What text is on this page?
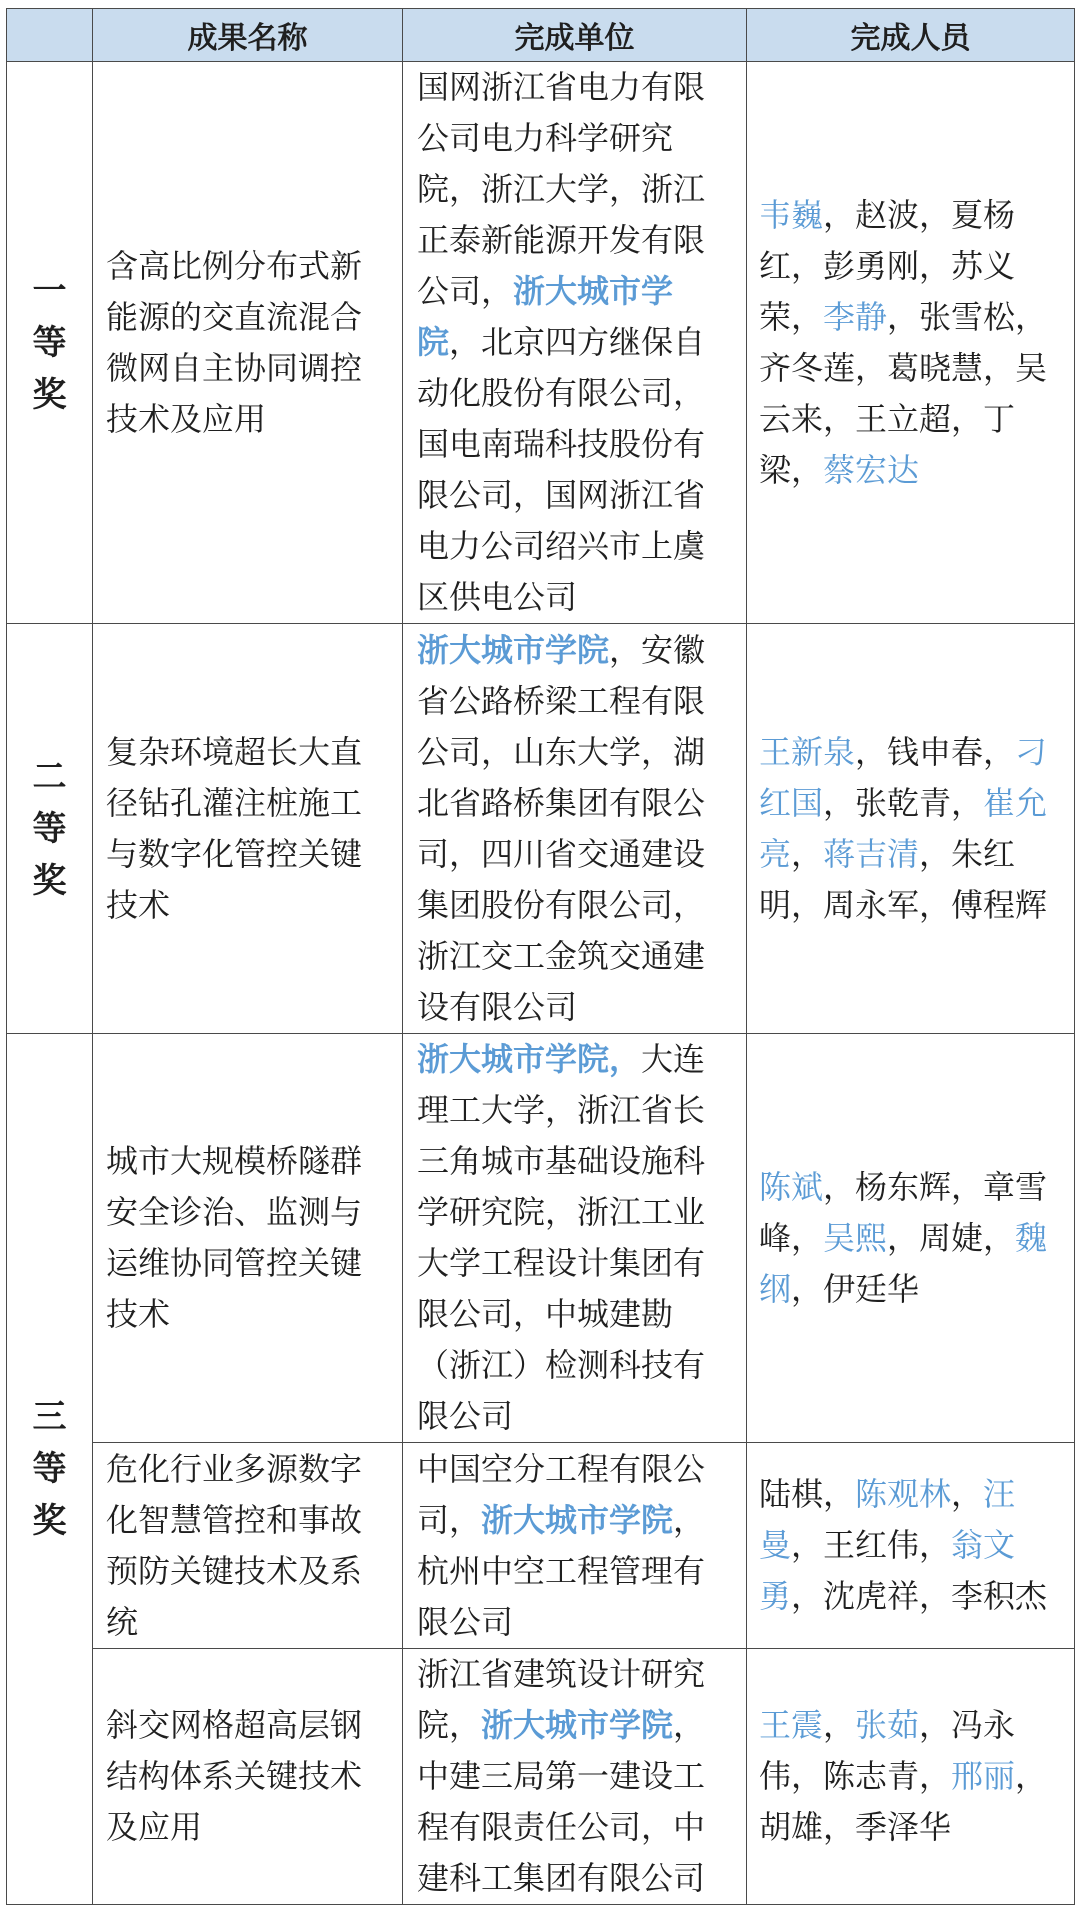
	成果名称	完成单位	完成人员

一
等
奖	含高比例分布式新能源的交直流混合微网自主协同调控技术及应用	国网浙江省电力有限公司电力科学研究院，浙江大学，浙江正泰新能源开发有限公司，浙大城市学院，北京四方继保自动化股份有限公司，国电南瑞科技股份有限公司，国网浙江省电力公司绍兴市上虞区供电公司	韦巍，赵波，夏杨红，彭勇刚，苏义荣，李静，张雪松，齐冬莲，葛晓慧，吴云来，王立超，丁梁，蔡宏达

二
等
奖	复杂环境超长大直径钻孔灌注桩施工与数字化管控关键技术	浙大城市学院，安徽省公路桥梁工程有限公司，山东大学，湖北省路桥集团有限公司，四川省交通建设集团股份有限公司，浙江交工金筑交通建设有限公司	王新泉，钱申春，刁红国，张乾青，崔允亮，蒋吉清，朱红明，周永军，傅程辉

三
等
奖	城市大规模桥隧群安全诊治、监测与运维协同管控关键技术	浙大城市学院，大连理工大学，浙江省长三角城市基础设施科学研究院，浙江工业大学工程设计集团有限公司，中城建勘（浙江）检测科技有限公司	陈斌，杨东辉，章雪峰，吴熙，周婕，魏纲，伊廷华
	危化行业多源数字化智慧管控和事故预防关键技术及系统	中国空分工程有限公司，浙大城市学院，杭州中空工程管理有限公司	陆棋，陈观林，汪曼，王红伟，翁文勇，沈虎祥，李积杰
	斜交网格超高层钢结构体系关键技术及应用	浙江省建筑设计研究院，浙大城市学院，中建三局第一建设工程有限责任公司，中建科工集团有限公司	王震，张茹，冯永伟，陈志青，邢丽，胡雄，季泽华
